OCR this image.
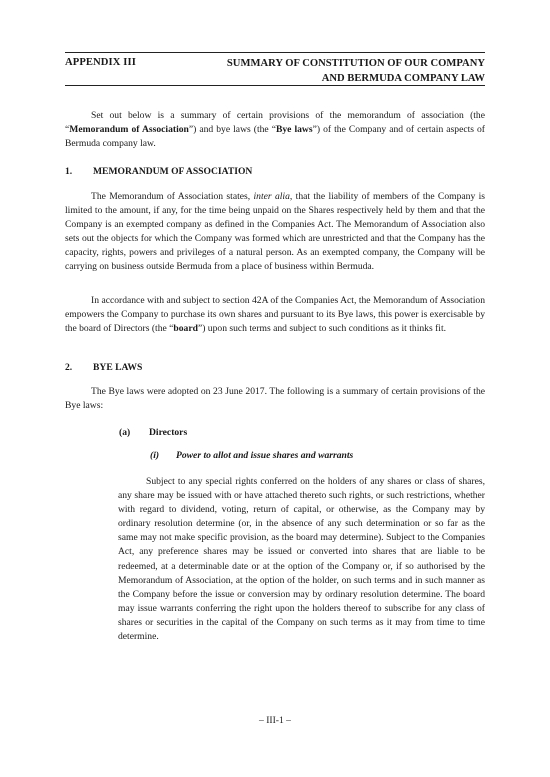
APPENDIX III	SUMMARY OF CONSTITUTION OF OUR COMPANY
AND BERMUDA COMPANY LAW

Set out below is a summary of certain provisions of the memorandum of association (the “Memorandum of Association”) and bye laws (the “Bye laws”) of the Company and of certain aspects of Bermuda company law.

1. MEMORANDUM OF ASSOCIATION

The Memorandum of Association states, inter alia, that the liability of members of the Company is limited to the amount, if any, for the time being unpaid on the Shares respectively held by them and that the Company is an exempted company as defined in the Companies Act. The Memorandum of Association also sets out the objects for which the Company was formed which are unrestricted and that the Company has the capacity, rights, powers and privileges of a natural person. As an exempted company, the Company will be carrying on business outside Bermuda from a place of business within Bermuda.

In accordance with and subject to section 42A of the Companies Act, the Memorandum of Association empowers the Company to purchase its own shares and pursuant to its Bye laws, this power is exercisable by the board of Directors (the “board”) upon such terms and subject to such conditions as it thinks fit.

2. BYE LAWS

The Bye laws were adopted on 23 June 2017. The following is a summary of certain provisions of the Bye laws:

(a) Directors
(i) Power to allot and issue shares and warrants

Subject to any special rights conferred on the holders of any shares or class of shares, any share may be issued with or have attached thereto such rights, or such restrictions, whether with regard to dividend, voting, return of capital, or otherwise, as the Company may by ordinary resolution determine (or, in the absence of any such determination or so far as the same may not make specific provision, as the board may determine). Subject to the Companies Act, any preference shares may be issued or converted into shares that are liable to be redeemed, at a determinable date or at the option of the Company or, if so authorised by the Memorandum of Association, at the option of the holder, on such terms and in such manner as the Company before the issue or conversion may by ordinary resolution determine. The board may issue warrants conferring the right upon the holders thereof to subscribe for any class of shares or securities in the capital of the Company on such terms as it may from time to time determine.

– III-1 –
